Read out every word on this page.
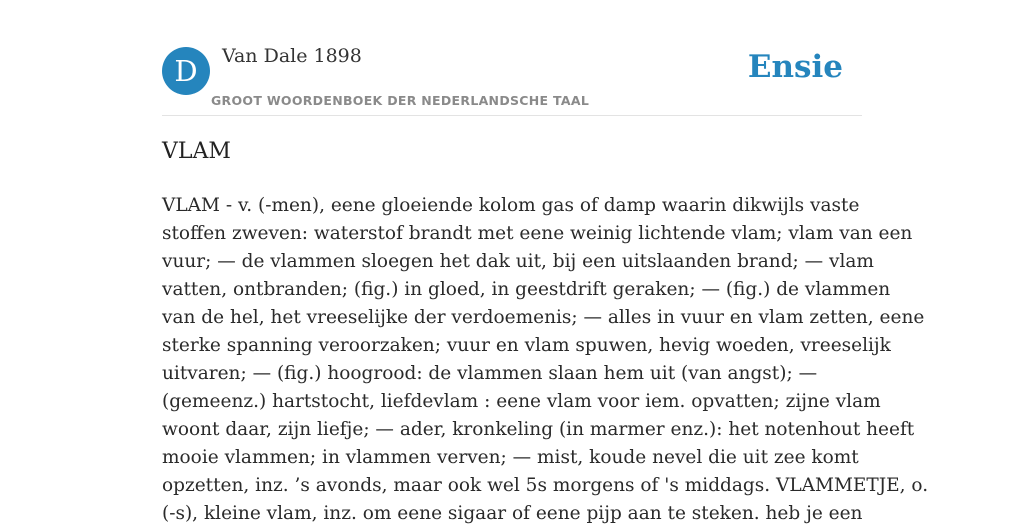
D	Van Dale 1898
GROOT WOORDENBOEK DER NEDERLANDSCHE TAAL
Ensie
VLAM
VLAM - v. (-men), eene gloeiende kolom gas of damp waarin dikwijls vaste
stoffen zweven: waterstof brandt met eene weinig lichtende vlam; vlam van een
vuur; — de vlammen sloegen het dak uit, bij een uitslaanden brand; — vlam
vatten, ontbranden; (fig.) in gloed, in geestdrift geraken; — (fig.) de vlammen
van de hel, het vreeselijke der verdoemenis; — alles in vuur en vlam zetten, eene
sterke spanning veroorzaken; vuur en vlam spuwen, hevig woeden, vreeselijk
uitvaren; — (fig.) hoogrood: de vlammen slaan hem uit (van angst); —
(gemeenz.) hartstocht, liefdevlam : eene vlam voor iem. opvatten; zijne vlam
woont daar, zijn liefje; — ader, kronkeling (in marmer enz.): het notenhout heeft
mooie vlammen; in vlammen verven; — mist, koude nevel die uit zee komt
opzetten, inz. ’s avonds, maar ook wel 5s morgens of 's middags. VLAMMETJE, o.
(-s), kleine vlam, inz. om eene sigaar of eene pijp aan te steken. heb je een
